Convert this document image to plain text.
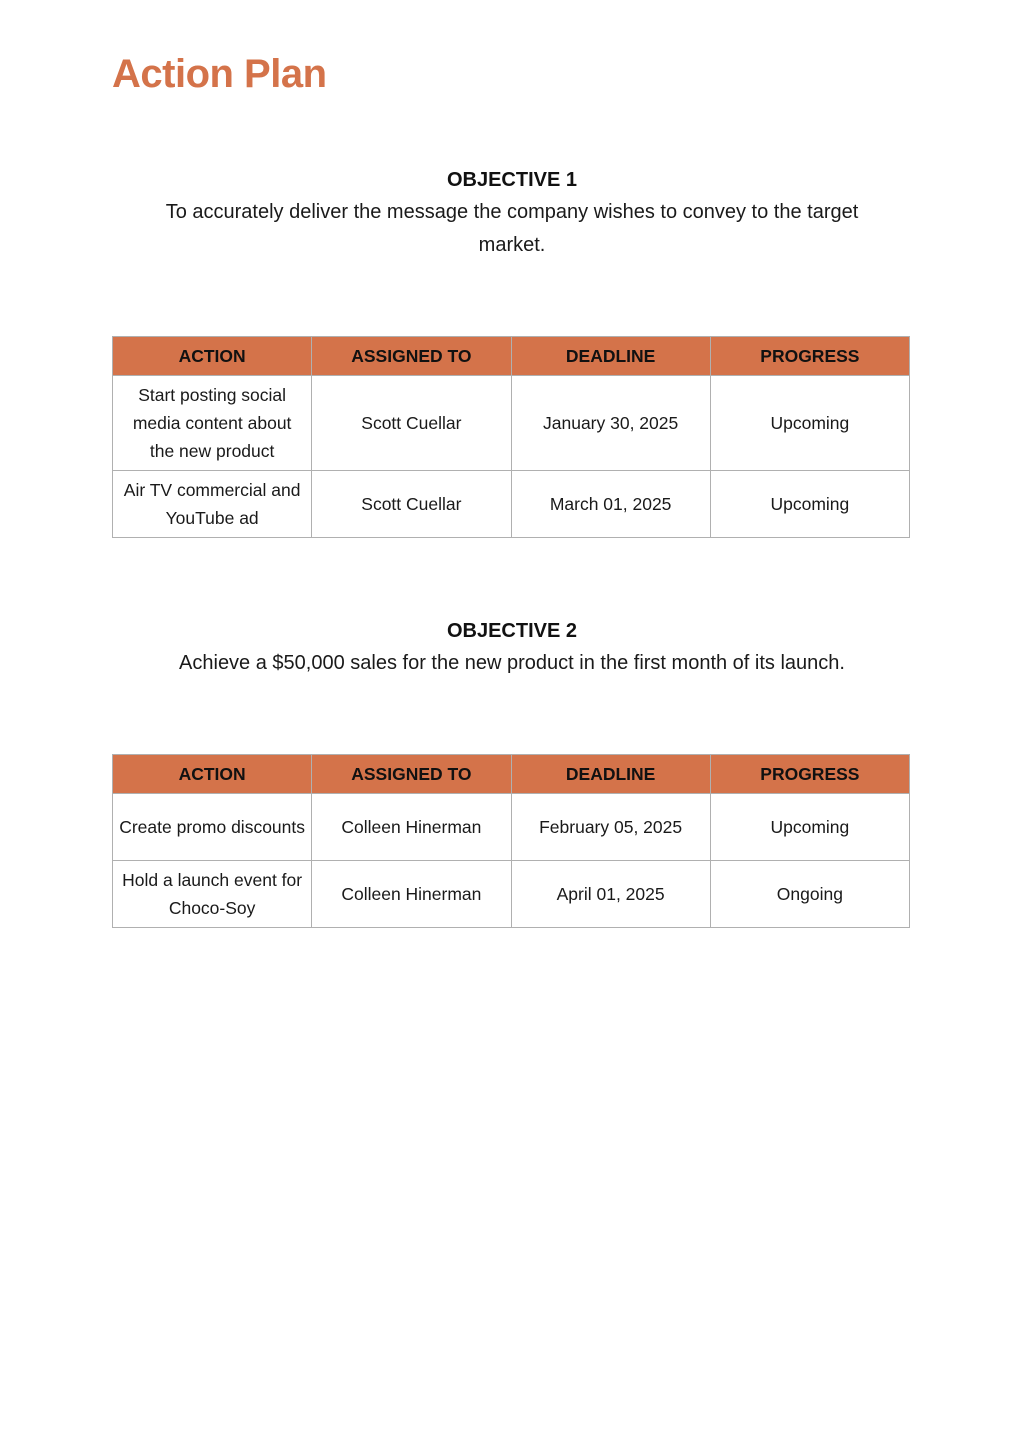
Action Plan

OBJECTIVE 1

To accurately deliver the message the company wishes to convey to the target market.

ACTION	ASSIGNED TO	DEADLINE	PROGRESS
Start posting social media content about the new product	Scott Cuellar	January 30, 2025	Upcoming
Air TV commercial and YouTube ad	Scott Cuellar	March 01, 2025	Upcoming

OBJECTIVE 2

Achieve a $50,000 sales for the new product in the first month of its launch.

ACTION	ASSIGNED TO	DEADLINE	PROGRESS
Create promo discounts	Colleen Hinerman	February 05, 2025	Upcoming
Hold a launch event for Choco-Soy	Colleen Hinerman	April 01, 2025	Ongoing
